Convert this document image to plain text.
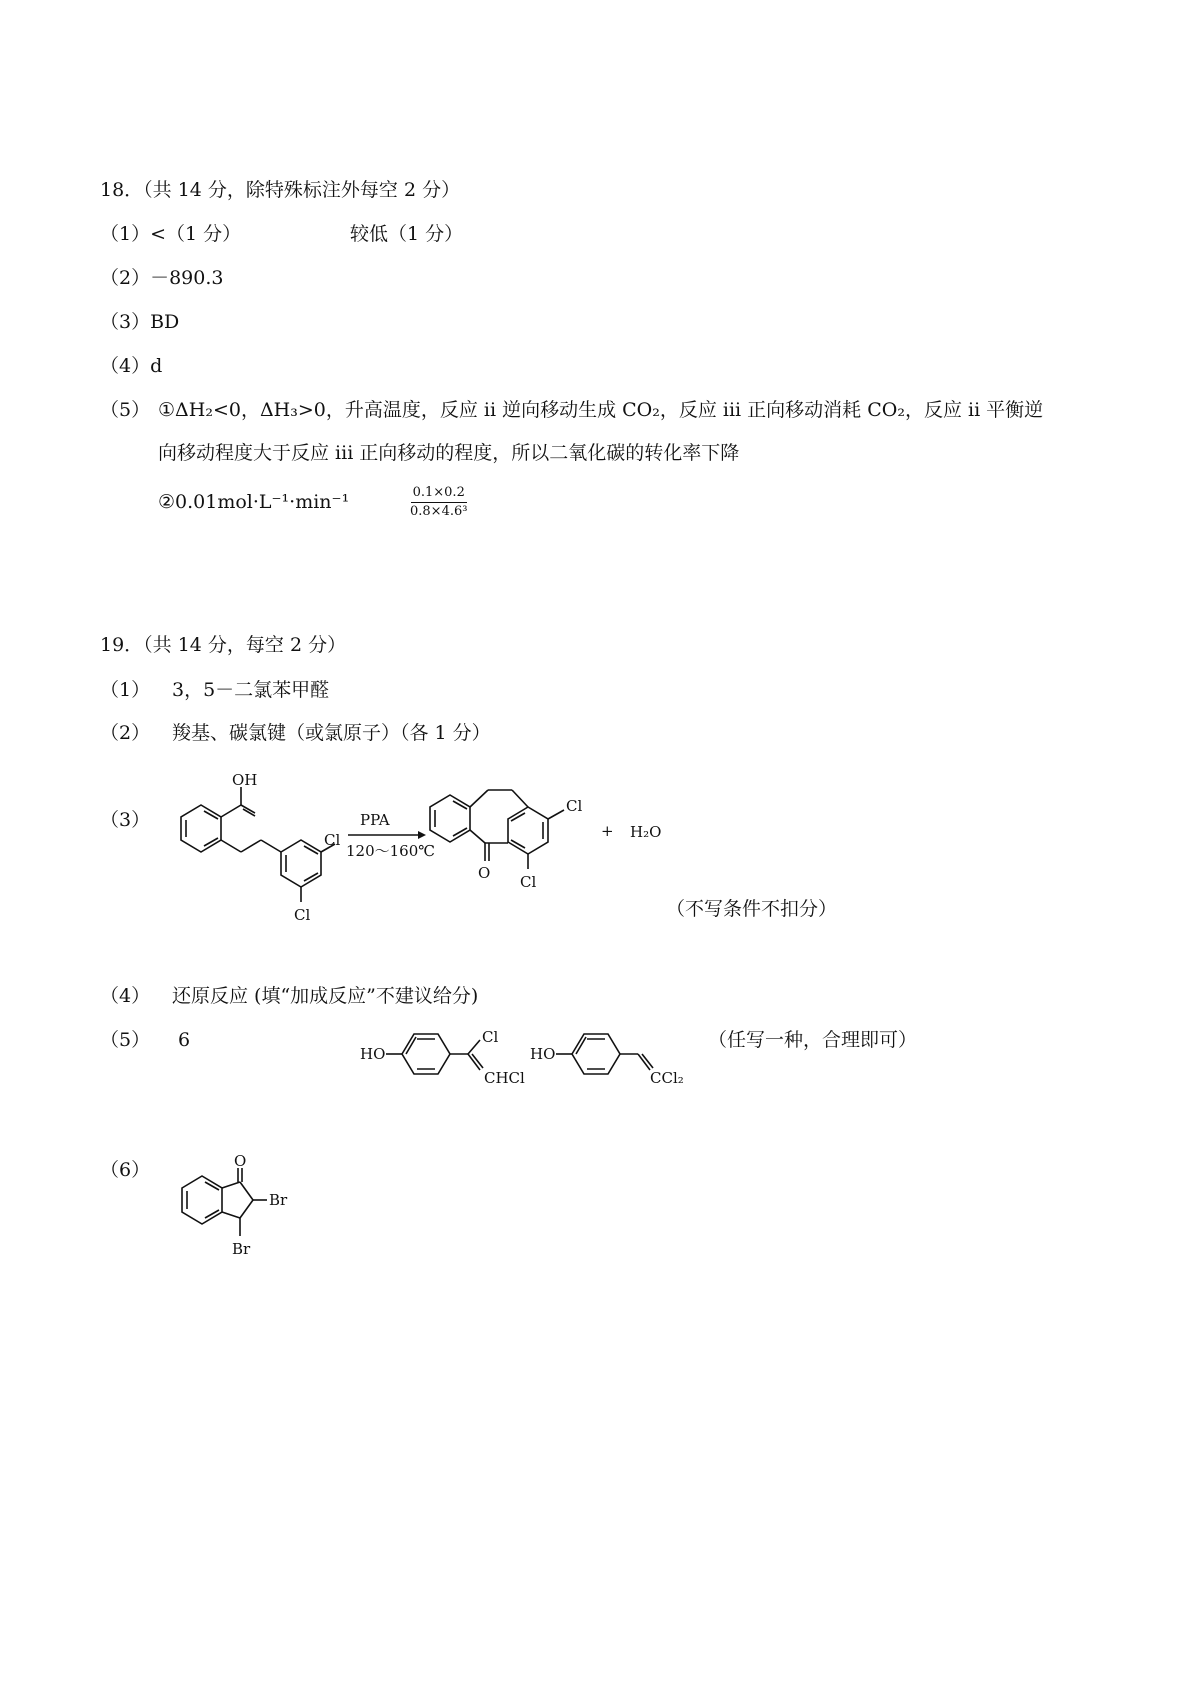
18．（共 14 分，除特殊标注外每空 2 分）
（1）<（1 分）	较低（1 分）
（2）－890.3
（3）BD
（4）d
（5） ①ΔH₂<0，ΔH₃>0，升高温度，反应 ii 逆向移动生成 CO₂，反应 iii 正向移动消耗 CO₂，反应 ii 平衡逆
向移动程度大于反应 iii 正向移动的程度，所以二氧化碳的转化率下降
②0.01mol·L⁻¹·min⁻¹	$\frac{0.1\times 0.2}{\text{0.8×4.6³}}$
19．（共 14 分，每空 2 分）
（1） 3，5－二氯苯甲醛
（2） 羧基、碳氯键（或氯原子）（各 1 分）
（3）
OH
Cl
Cl
PPA
120～160℃
O
Cl
Cl
+ H₂O
（不写条件不扣分）
（4） 还原反应 (填“加成反应”不建议给分)
（5） 6
HO
Cl
CHCl
HO
CCl₂
（任写一种，合理即可）
（6）	O
Br
Br
